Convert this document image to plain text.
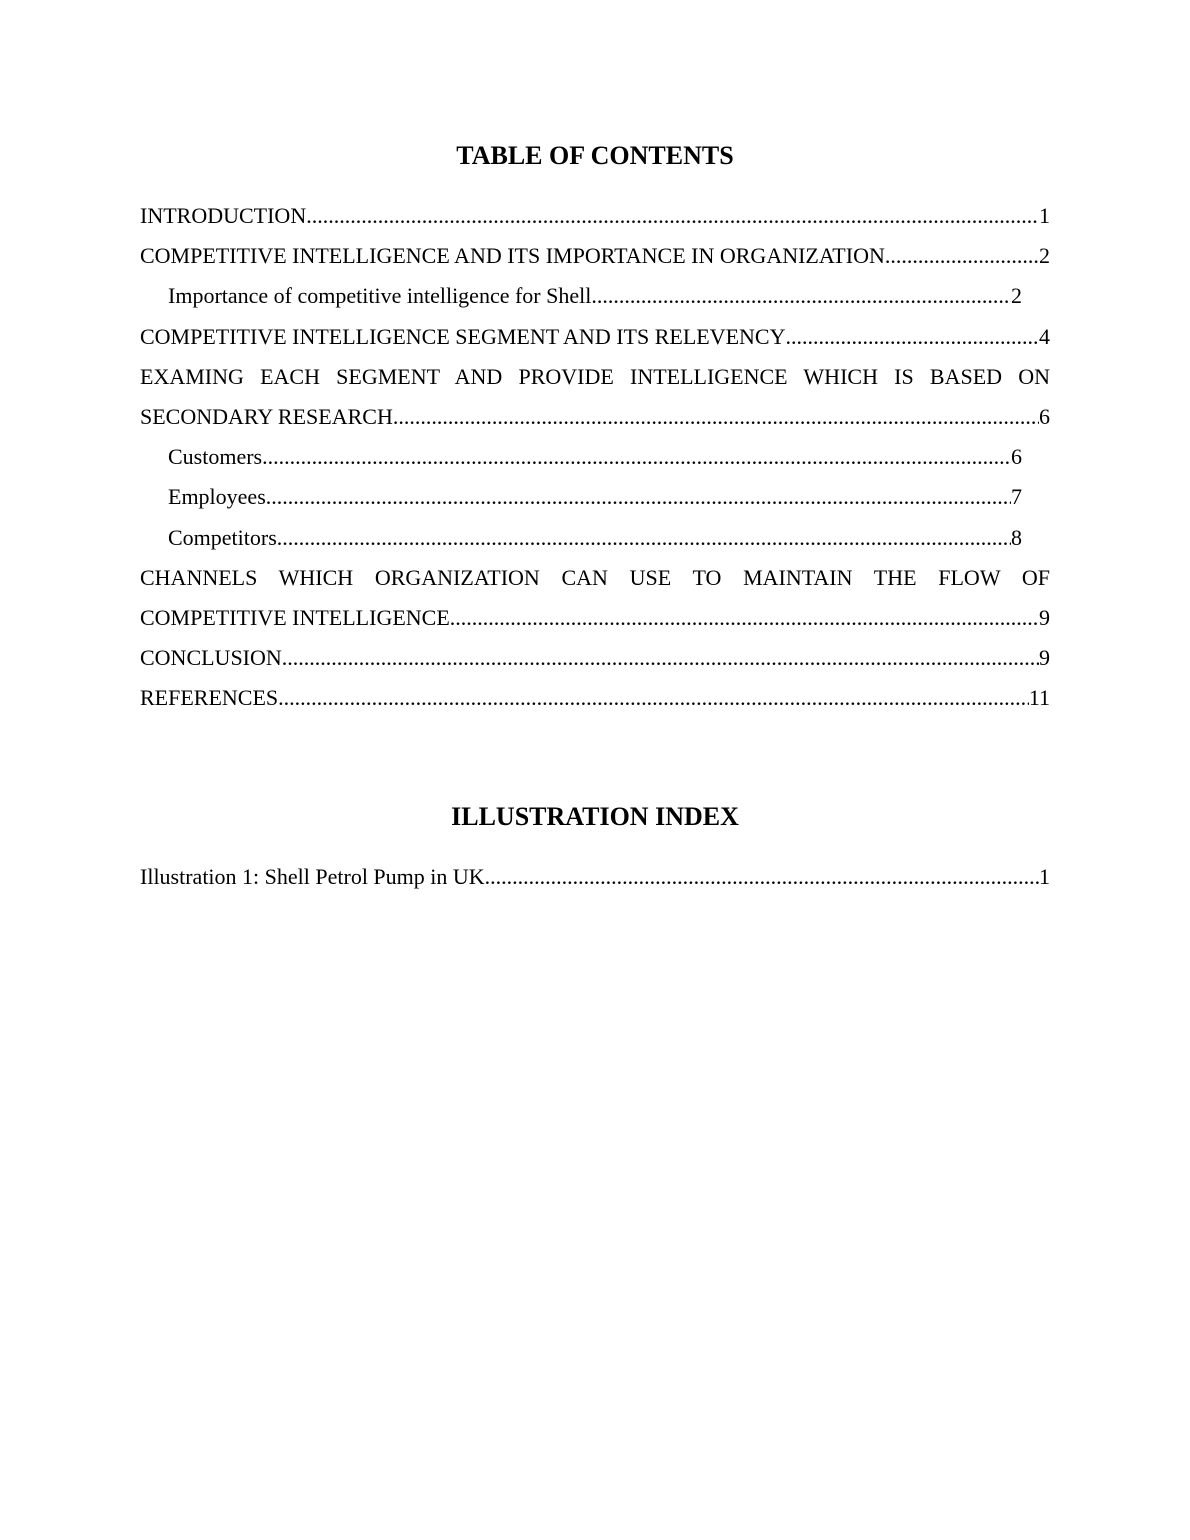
TABLE OF CONTENTS
INTRODUCTION .....	1
COMPETITIVE INTELLIGENCE AND ITS IMPORTANCE IN ORGANIZATION .....	2
Importance of competitive intelligence for Shell .....	2
COMPETITIVE INTELLIGENCE SEGMENT AND ITS RELEVENCY .....	4
EXAMING EACH SEGMENT AND PROVIDE INTELLIGENCE WHICH IS BASED ON
SECONDARY RESEARCH .....	6
Customers .....	6
Employees .....	7
Competitors .....	8
CHANNELS WHICH ORGANIZATION CAN USE TO MAINTAIN THE FLOW OF
COMPETITIVE INTELLIGENCE .....	9
CONCLUSION .....	9
REFERENCES .....	11
ILLUSTRATION INDEX
Illustration 1: Shell Petrol Pump in UK .....	1
